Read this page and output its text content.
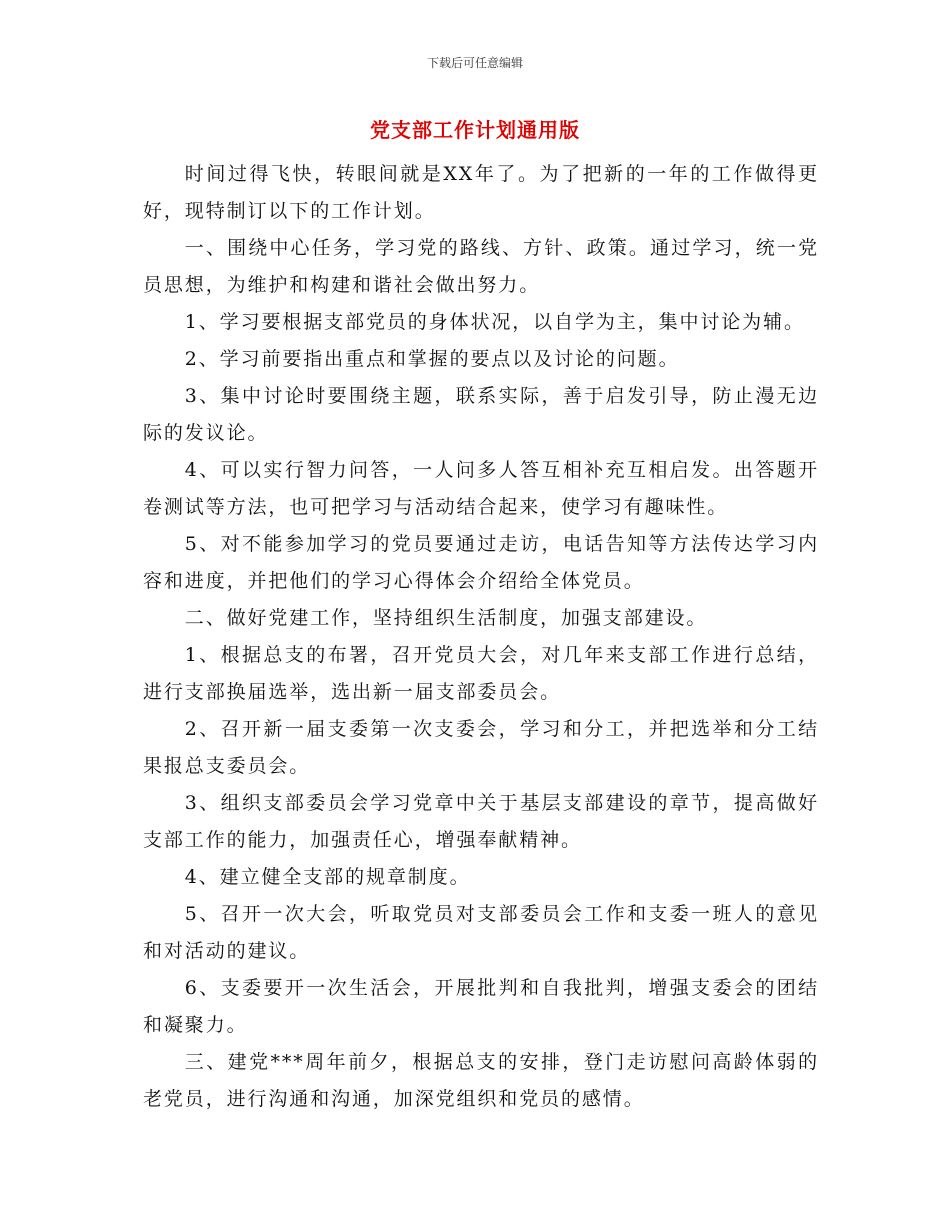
下载后可任意编辑
党支部工作计划通用版

时间过得飞快，转眼间就是XX年了。为了把新的一年的工作做得更好，现特制订以下的工作计划。

一、围绕中心任务，学习党的路线、方针、政策。通过学习，统一党员思想，为维护和构建和谐社会做出努力。

1、学习要根据支部党员的身体状况，以自学为主，集中讨论为辅。

2、学习前要指出重点和掌握的要点以及讨论的问题。

3、集中讨论时要围绕主题，联系实际，善于启发引导，防止漫无边际的发议论。

4、可以实行智力问答，一人问多人答互相补充互相启发。出答题开卷测试等方法，也可把学习与活动结合起来，使学习有趣味性。

5、对不能参加学习的党员要通过走访，电话告知等方法传达学习内容和进度，并把他们的学习心得体会介绍给全体党员。

二、做好党建工作，坚持组织生活制度，加强支部建设。

1、根据总支的布署，召开党员大会，对几年来支部工作进行总结，进行支部换届选举，选出新一届支部委员会。

2、召开新一届支委第一次支委会，学习和分工，并把选举和分工结果报总支委员会。

3、组织支部委员会学习党章中关于基层支部建设的章节，提高做好支部工作的能力，加强责任心，增强奉献精神。

4、建立健全支部的规章制度。

5、召开一次大会，听取党员对支部委员会工作和支委一班人的意见和对活动的建议。

6、支委要开一次生活会，开展批判和自我批判，增强支委会的团结和凝聚力。

三、建党***周年前夕，根据总支的安排，登门走访慰问高龄体弱的老党员，进行沟通和沟通，加深党组织和党员的感情。
